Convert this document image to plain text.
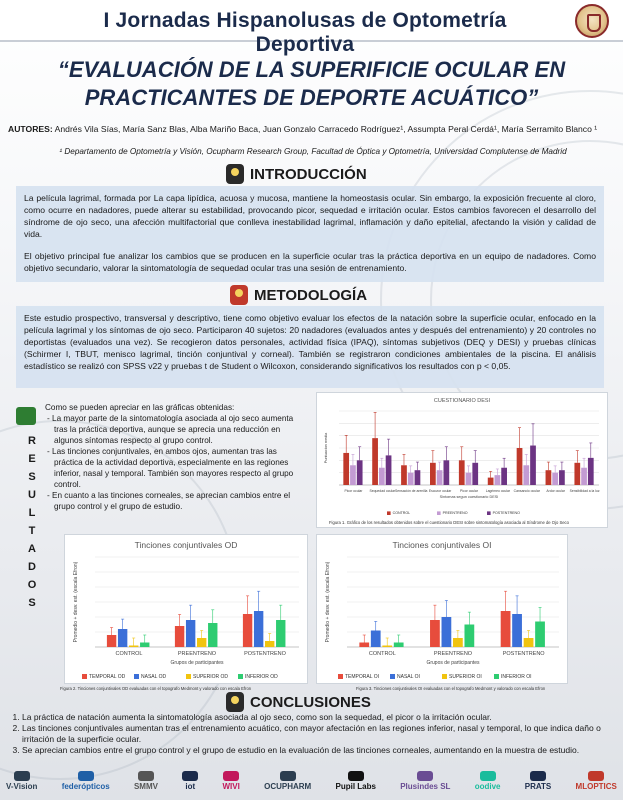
I Jornadas Hispanolusas de Optometría Deportiva
“EVALUACIÓN DE LA SUPERIFICIE OCULAR EN
PRACTICANTES DE DEPORTE ACUÁTICO”
AUTORES: Andrés Vila Sías, María Sanz Blas, Alba Mariño Baca, Juan Gonzalo Carracedo Rodríguez¹, Assumpta Peral Cerdá¹, María Serramito Blanco ¹
¹ Departamento de Optometría y Visión, Ocupharm Research Group, Facultad de Óptica y Optometría, Universidad Complutense de Madrid
INTRODUCCIÓN

La película lagrimal, formada por La capa lipídica, acuosa y mucosa, mantiene la homeostasis ocular. Sin embargo, la exposición frecuente al cloro, como ocurre en nadadores, puede alterar su estabilidad, provocando picor, sequedad e irritación ocular. Estos cambios favorecen el desarrollo del síndrome de ojo seco, una afección multifactorial que conlleva inestabilidad lagrimal, inflamación y daño epitelial, afectando la visión y calidad de vida.

El objetivo principal fue analizar los cambios que se producen en la superficie ocular tras la práctica deportiva en un equipo de nadadores. Como objetivo secundario, valorar la sintomatología de sequedad ocular tras una sesión de entrenamiento.

METODOLOGÍA

Este estudio prospectivo, transversal y descriptivo, tiene como objetivo evaluar los efectos de la natación sobre la superficie ocular, enfocado en la película lagrimal y los síntomas de ojo seco. Participaron 40 sujetos: 20 nadadores (evaluados antes y después del entrenamiento) y 20 controles no deportistas (evaluados una vez). Se recogieron datos personales, actividad física (IPAQ), síntomas subjetivos (DEQ y DESI) y pruebas clínicas (Schirmer I, TBUT, menisco lagrimal, tinción conjuntival y corneal). También se registraron condiciones ambientales de la piscina. El análisis estadístico se realizó con SPSS v22 y pruebas t de Student o Wilcoxon, considerando significativos los resultados con p < 0,05.

R
E
S
U
L
T
A
D
O
S
Como se pueden apreciar en las gráficas obtenidas:
- La mayor parte de la sintomatología asociada al ojo seco aumenta tras la práctica deportiva, aunque se aprecia una reducción en algunos síntomas respecto al grupo control.
- Las tinciones conjuntivales, en ambos ojos, aumentan tras las práctica de la actividad deportiva, especialmente en las regiones inferior, nasal y temporal. También son mayores respecto al grupo control.
- En cuanto a las tinciones corneales, se aprecian cambios entre el grupo control y el grupo de estudio.
CUESTIONARIO DESI
Puntuacion media
Picor ocular Sequedad ocular Sensación de arenilla Escozor ocular	Picor ocular Lagrimeo ocular Cansancio ocular Ardor ocular Sensibilidad a la luz
Sintomas segun cuestionario DESI
CONTROL	PREENTRENO	POSTENTRENO
Figura 1. Gráfico de los resultados obtenidos sobre el cuestionario DESI sobre sintomatología asociada al Síndrome de Ojo Seco
Tinciones conjuntivales OD
Promedio + desv. est. (escala Efron)
CONTROL	PREENTRENO	POSTENTRENO
Grupos de participantes
TEMPORAL OD	NASAL OD	SUPERIOR OD	INFERIOR OD
Figura 2. Tinciones conjuntivales OD evaluadas con el topografo Medmont y valorado con escala Efron
Tinciones conjuntivales OI
Promedio + desv. est. (escala Efron)
CONTROL	PREENTRENO	POSTENTRENO
Grupos de participantes
TEMPORAL OI	NASAL OI	SUPERIOR OI	INFERIOR OI
Figura 3. Tinciones conjuntivales OI evaluadas con el topografo Medmont y valorado con escala Efron
CONCLUSIONES
1. La práctica de natación aumenta la sintomatología asociada al ojo seco, como son la sequedad, el picor o la irritación ocular.
2. Las tinciones conjuntivales aumentan tras el entrenamiento acuático, con mayor afectación en las regiones inferior, nasal y temporal, lo que indica daño o irritación de la superficie ocular.
3. Se aprecian cambios entre el grupo control y el grupo de estudio en la evaluación de las tinciones corneales, aumentando en la muestra de estudio.
V-Vision	federópticos	SMMV	iot	WIVI	OCUPHARM	Pupil Labs	Plusindes SL	oodive	PRATS	MLOPTICS
